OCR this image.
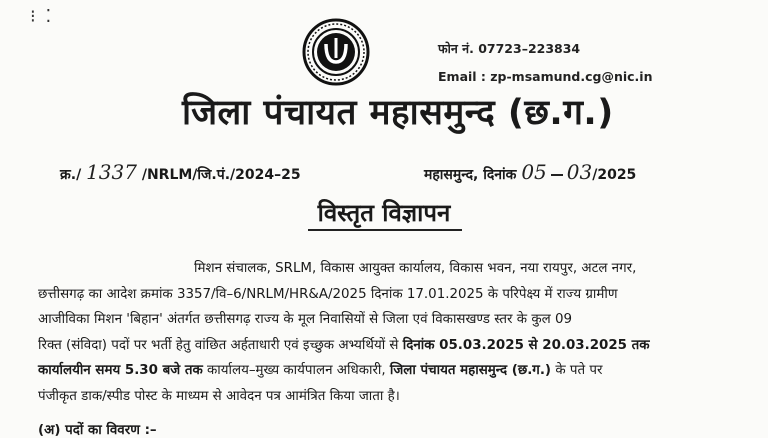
⁝ ⁚
फोन नं. 07723–223834
Email : zp-msamund.cg@nic.in
जिला पंचायत महासमुन्द (छ.ग.)
क्र./ 1337 /NRLM/जि.पं./2024–25	महासमुन्द, दिनांक 05 03/2025
विस्तृत विज्ञापन
मिशन संचालक, SRLM, विकास आयुक्त कार्यालय, विकास भवन, नया रायपुर, अटल नगर,
छत्तीसगढ़ का आदेश क्रमांक 3357/वि–6/NRLM/HR&A/2025 दिनांक 17.01.2025 के परिपेक्ष्य में राज्य ग्रामीण
आजीविका मिशन 'बिहान' अंतर्गत छत्तीसगढ़ राज्य के मूल निवासियों से जिला एवं विकासखण्ड स्तर के कुल 09
रिक्त (संविदा) पदों पर भर्ती हेतु वांछित अर्हताधारी एवं इच्छुक अभ्यर्थियों से दिनांक 05.03.2025 से 20.03.2025 तक
कार्यालयीन समय 5.30 बजे तक कार्यालय–मुख्य कार्यपालन अधिकारी, जिला पंचायत महासमुन्द (छ.ग.) के पते पर
पंजीकृत डाक/स्पीड पोस्ट के माध्यम से आवेदन पत्र आमंत्रित किया जाता है।
(अ) पदों का विवरण :–
